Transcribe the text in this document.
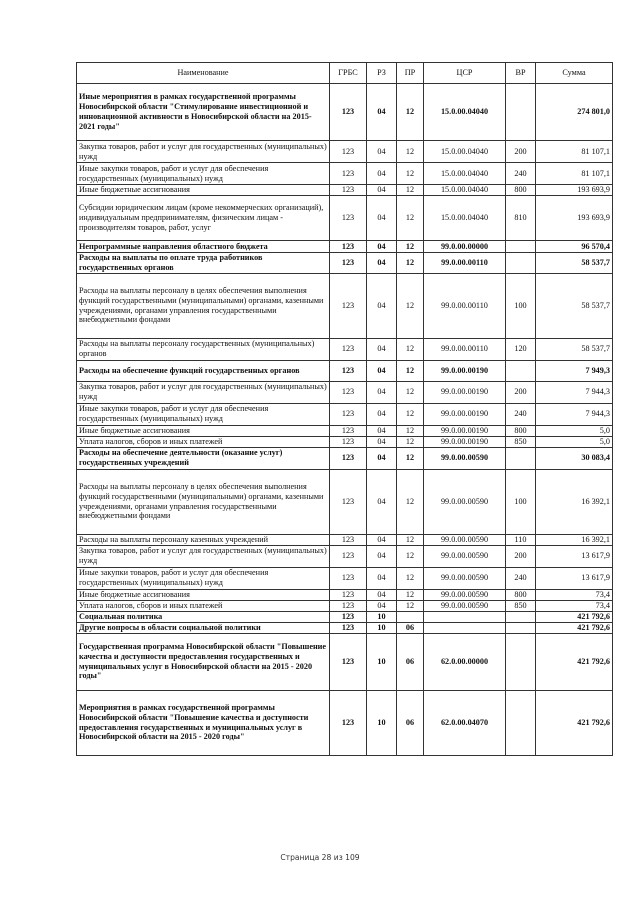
Наименование	ГРБС	РЗ	ПР	ЦСР	ВР	Сумма
Иные мероприятия в рамках государственной программы Новосибирской области "Стимулирование инвестиционной и инновационной активности в Новосибирской области на 2015-2021 годы"	123	04	12	15.0.00.04040		274 801,0
Закупка товаров, работ и услуг для государственных (муниципальных) нужд	123	04	12	15.0.00.04040	200	81 107,1
Иные закупки товаров, работ и услуг для обеспечения государственных (муниципальных) нужд	123	04	12	15.0.00.04040	240	81 107,1
Иные бюджетные ассигнования	123	04	12	15.0.00.04040	800	193 693,9
Субсидии юридическим лицам (кроме некоммерческих организаций), индивидуальным предпринимателям, физическим лицам - производителям товаров, работ, услуг	123	04	12	15.0.00.04040	810	193 693,9
Непрограммные направления областного бюджета	123	04	12	99.0.00.00000		96 570,4
Расходы на выплаты по оплате труда работников государственных органов	123	04	12	99.0.00.00110		58 537,7
Расходы на выплаты персоналу в целях обеспечения выполнения функций государственными (муниципальными) органами, казенными учреждениями, органами управления государственными внебюджетными фондами	123	04	12	99.0.00.00110	100	58 537,7
Расходы на выплаты персоналу государственных (муниципальных) органов	123	04	12	99.0.00.00110	120	58 537,7
Расходы на обеспечение функций государственных органов	123	04	12	99.0.00.00190		7 949,3
Закупка товаров, работ и услуг для государственных (муниципальных) нужд	123	04	12	99.0.00.00190	200	7 944,3
Иные закупки товаров, работ и услуг для обеспечения государственных (муниципальных) нужд	123	04	12	99.0.00.00190	240	7 944,3
Иные бюджетные ассигнования	123	04	12	99.0.00.00190	800	5,0
Уплата налогов, сборов и иных платежей	123	04	12	99.0.00.00190	850	5,0
Расходы на обеспечение деятельности (оказание услуг) государственных учреждений	123	04	12	99.0.00.00590		30 083,4
Расходы на выплаты персоналу в целях обеспечения выполнения функций государственными (муниципальными) органами, казенными учреждениями, органами управления государственными внебюджетными фондами	123	04	12	99.0.00.00590	100	16 392,1
Расходы на выплаты персоналу казенных учреждений	123	04	12	99.0.00.00590	110	16 392,1
Закупка товаров, работ и услуг для государственных (муниципальных) нужд	123	04	12	99.0.00.00590	200	13 617,9
Иные закупки товаров, работ и услуг для обеспечения государственных (муниципальных) нужд	123	04	12	99.0.00.00590	240	13 617,9
Иные бюджетные ассигнования	123	04	12	99.0.00.00590	800	73,4
Уплата налогов, сборов и иных платежей	123	04	12	99.0.00.00590	850	73,4
Социальная политика	123	10				421 792,6
Другие вопросы в области социальной политики	123	10	06			421 792,6
Государственная программа Новосибирской области "Повышение качества и доступности предоставления государственных и муниципальных услуг в Новосибирской области на 2015 - 2020 годы"	123	10	06	62.0.00.00000		421 792,6
Мероприятия в рамках государственной программы Новосибирской области "Повышение качества и доступности предоставления государственных и муниципальных услуг в Новосибирской области на 2015 - 2020 годы"	123	10	06	62.0.00.04070		421 792,6
Страница 28 из 109
